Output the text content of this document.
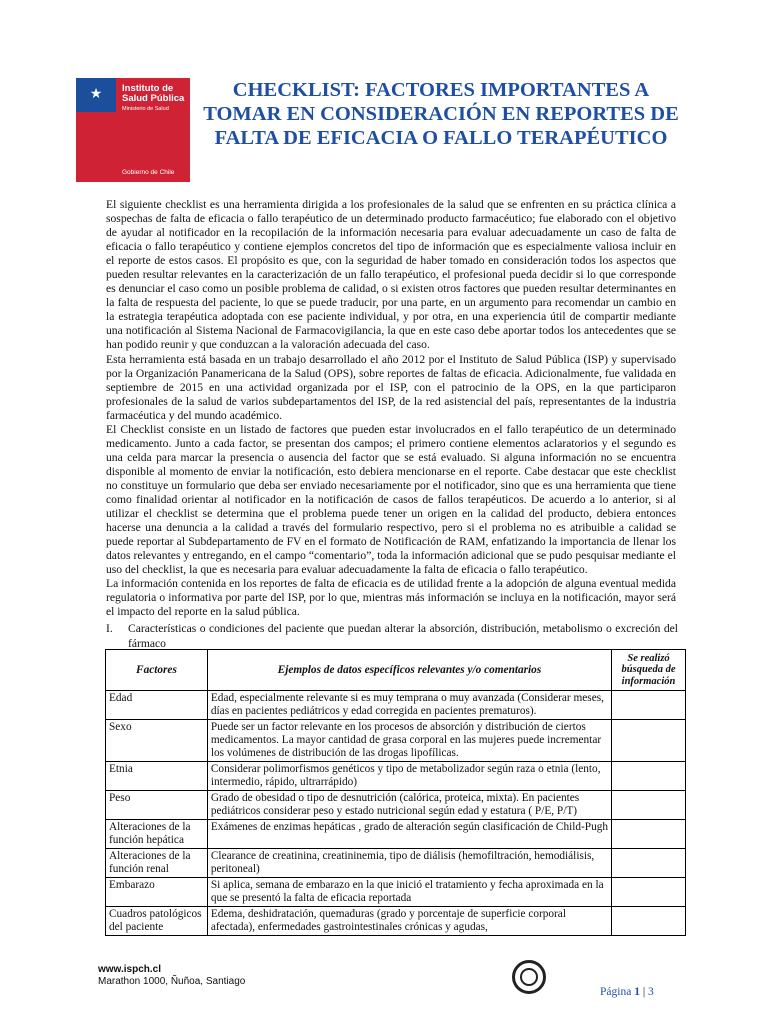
★ Instituto de Salud Pública
Ministerio de Salud
Gobierno de Chile
CHECKLIST: FACTORES IMPORTANTES A TOMAR EN CONSIDERACIÓN EN REPORTES DE FALTA DE EFICACIA O FALLO TERAPÉUTICO

El siguiente checklist es una herramienta dirigida a los profesionales de la salud que se enfrenten en su práctica clínica a sospechas de falta de eficacia o fallo terapéutico de un determinado producto farmacéutico; fue elaborado con el objetivo de ayudar al notificador en la recopilación de la información necesaria para evaluar adecuadamente un caso de falta de eficacia o fallo terapéutico y contiene ejemplos concretos del tipo de información que es especialmente valiosa incluir en el reporte de estos casos. El propósito es que, con la seguridad de haber tomado en consideración todos los aspectos que pueden resultar relevantes en la caracterización de un fallo terapéutico, el profesional pueda decidir si lo que corresponde es denunciar el caso como un posible problema de calidad, o si existen otros factores que pueden resultar determinantes en la falta de respuesta del paciente, lo que se puede traducir, por una parte, en un argumento para recomendar un cambio en la estrategia terapéutica adoptada con ese paciente individual, y por otra, en una experiencia útil de compartir mediante una notificación al Sistema Nacional de Farmacovigilancia, la que en este caso debe aportar todos los antecedentes que se han podido reunir y que conduzcan a la valoración adecuada del caso.

Esta herramienta está basada en un trabajo desarrollado el año 2012 por el Instituto de Salud Pública (ISP) y supervisado por la Organización Panamericana de la Salud (OPS), sobre reportes de faltas de eficacia. Adicionalmente, fue validada en septiembre de 2015 en una actividad organizada por el ISP, con el patrocinio de la OPS, en la que participaron profesionales de la salud de varios subdepartamentos del ISP, de la red asistencial del país, representantes de la industria farmacéutica y del mundo académico.

El Checklist consiste en un listado de factores que pueden estar involucrados en el fallo terapéutico de un determinado medicamento. Junto a cada factor, se presentan dos campos; el primero contiene elementos aclaratorios y el segundo es una celda para marcar la presencia o ausencia del factor que se está evaluado. Si alguna información no se encuentra disponible al momento de enviar la notificación, esto debiera mencionarse en el reporte. Cabe destacar que este checklist no constituye un formulario que deba ser enviado necesariamente por el notificador, sino que es una herramienta que tiene como finalidad orientar al notificador en la notificación de casos de fallos terapéuticos. De acuerdo a lo anterior, si al utilizar el checklist se determina que el problema puede tener un origen en la calidad del producto, debiera entonces hacerse una denuncia a la calidad a través del formulario respectivo, pero si el problema no es atribuible a calidad se puede reportar al Subdepartamento de FV en el formato de Notificación de RAM, enfatizando la importancia de llenar los datos relevantes y entregando, en el campo “comentario”, toda la información adicional que se pudo pesquisar mediante el uso del checklist, la que es necesaria para evaluar adecuadamente la falta de eficacia o fallo terapéutico.

La información contenida en los reportes de falta de eficacia es de utilidad frente a la adopción de alguna eventual medida regulatoria o informativa por parte del ISP, por lo que, mientras más información se incluya en la notificación, mayor será el impacto del reporte en la salud pública.

I.	Características o condiciones del paciente que puedan alterar la absorción, distribución, metabolismo o excreción del fármaco
Factores	Ejemplos de datos específicos relevantes y/o comentarios	Se realizó búsqueda de información
Edad	Edad, especialmente relevante si es muy temprana o muy avanzada (Considerar meses, días en pacientes pediátricos y edad corregida en pacientes prematuros).	
Sexo	Puede ser un factor relevante en los procesos de absorción y distribución de ciertos medicamentos. La mayor cantidad de grasa corporal en las mujeres puede incrementar los volúmenes de distribución de las drogas lipofílicas.	
Etnia	Considerar polimorfismos genéticos y tipo de metabolizador según raza o etnia (lento, intermedio, rápido, ultrarrápido)	
Peso	Grado de obesidad o tipo de desnutrición (calórica, proteica, mixta). En pacientes pediátricos considerar peso y estado nutricional según edad y estatura ( P/E, P/T)	
Alteraciones de la función hepática	Exámenes de enzimas hepáticas , grado de alteración según clasificación de Child-Pugh	
Alteraciones de la función renal	Clearance de creatinina, creatininemia, tipo de diálisis (hemofiltración, hemodiálisis, peritoneal)	
Embarazo	Si aplica, semana de embarazo en la que inició el tratamiento y fecha aproximada en la que se presentó la falta de eficacia reportada	
Cuadros patológicos del paciente	Edema, deshidratación, quemaduras (grado y porcentaje de superficie corporal afectada), enfermedades gastrointestinales crónicas y agudas,	
www.ispch.cl
Marathon 1000, Ñuñoa, Santiago
Página 1 | 3
